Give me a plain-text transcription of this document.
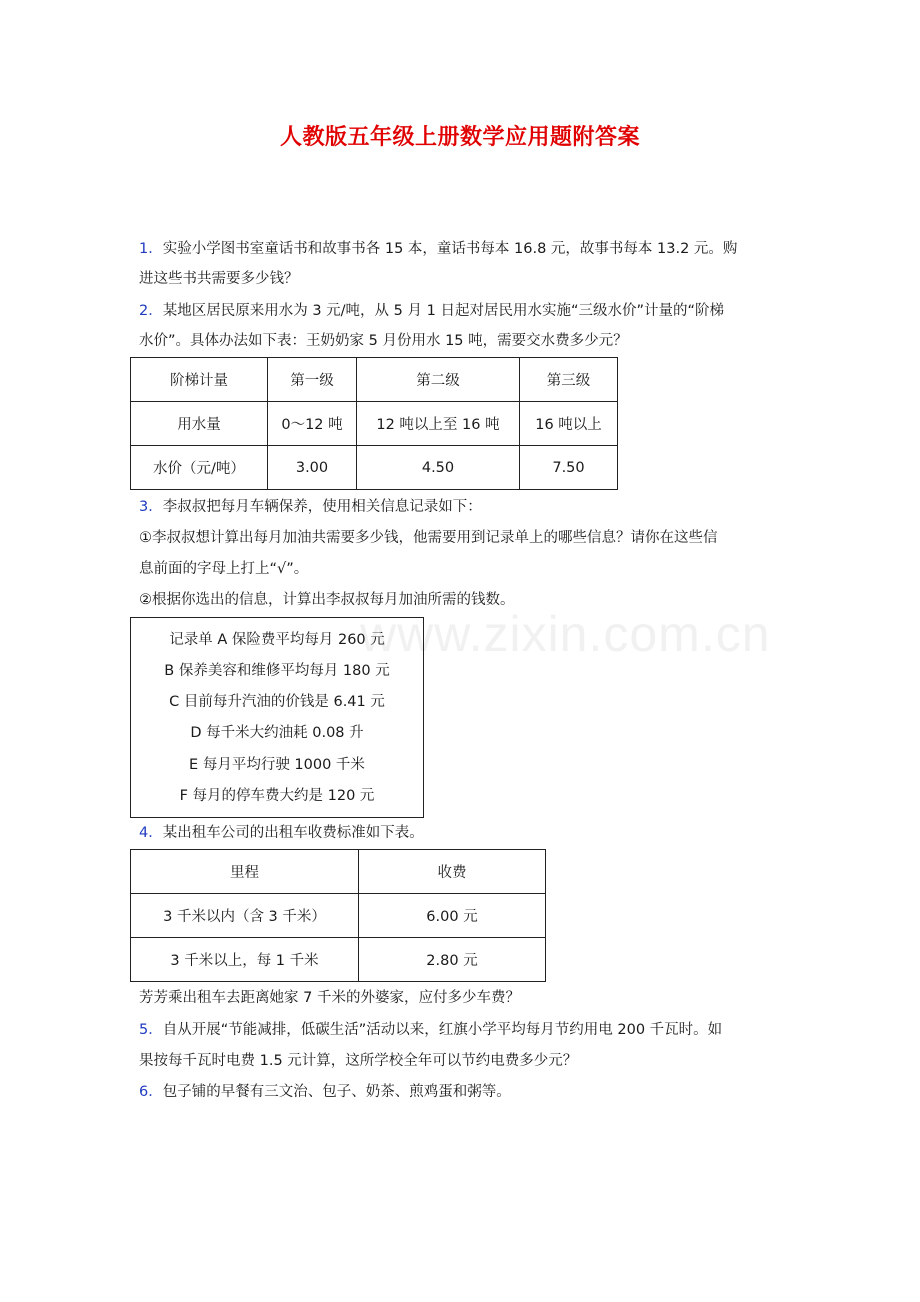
人教版五年级上册数学应用题附答案
www.zixin.com.cn
1．实验小学图书室童话书和故事书各 15 本，童话书每本 16.8 元，故事书每本 13.2 元。购
进这些书共需要多少钱？
2．某地区居民原来用水为 3 元/吨，从 5 月 1 日起对居民用水实施“三级水价”计量的“阶梯
水价”。具体办法如下表：王奶奶家 5 月份用水 15 吨，需要交水费多少元？
阶梯计量	第一级	第二级	第三级
用水量	0～12 吨	12 吨以上至 16 吨	16 吨以上
水价（元/吨）	3.00	4.50	7.50
3．李叔叔把每月车辆保养，使用相关信息记录如下：
①李叔叔想计算出每月加油共需要多少钱，他需要用到记录单上的哪些信息？请你在这些信
息前面的字母上打上“√”。
②根据你选出的信息，计算出李叔叔每月加油所需的钱数。
记录单 A 保险费平均每月 260 元
B 保养美容和维修平均每月 180 元
C 目前每升汽油的价钱是 6.41 元
D 每千米大约油耗 0.08 升
E 每月平均行驶 1000 千米
F 每月的停车费大约是 120 元
4．某出租车公司的出租车收费标准如下表。
里程	收费
3 千米以内（含 3 千米）	6.00 元
3 千米以上，每 1 千米	2.80 元
芳芳乘出租车去距离她家 7 千米的外婆家，应付多少车费？
5．自从开展“节能减排，低碳生活”活动以来，红旗小学平均每月节约用电 200 千瓦时。如
果按每千瓦时电费 1.5 元计算，这所学校全年可以节约电费多少元？
6．包子铺的早餐有三文治、包子、奶茶、煎鸡蛋和粥等。
